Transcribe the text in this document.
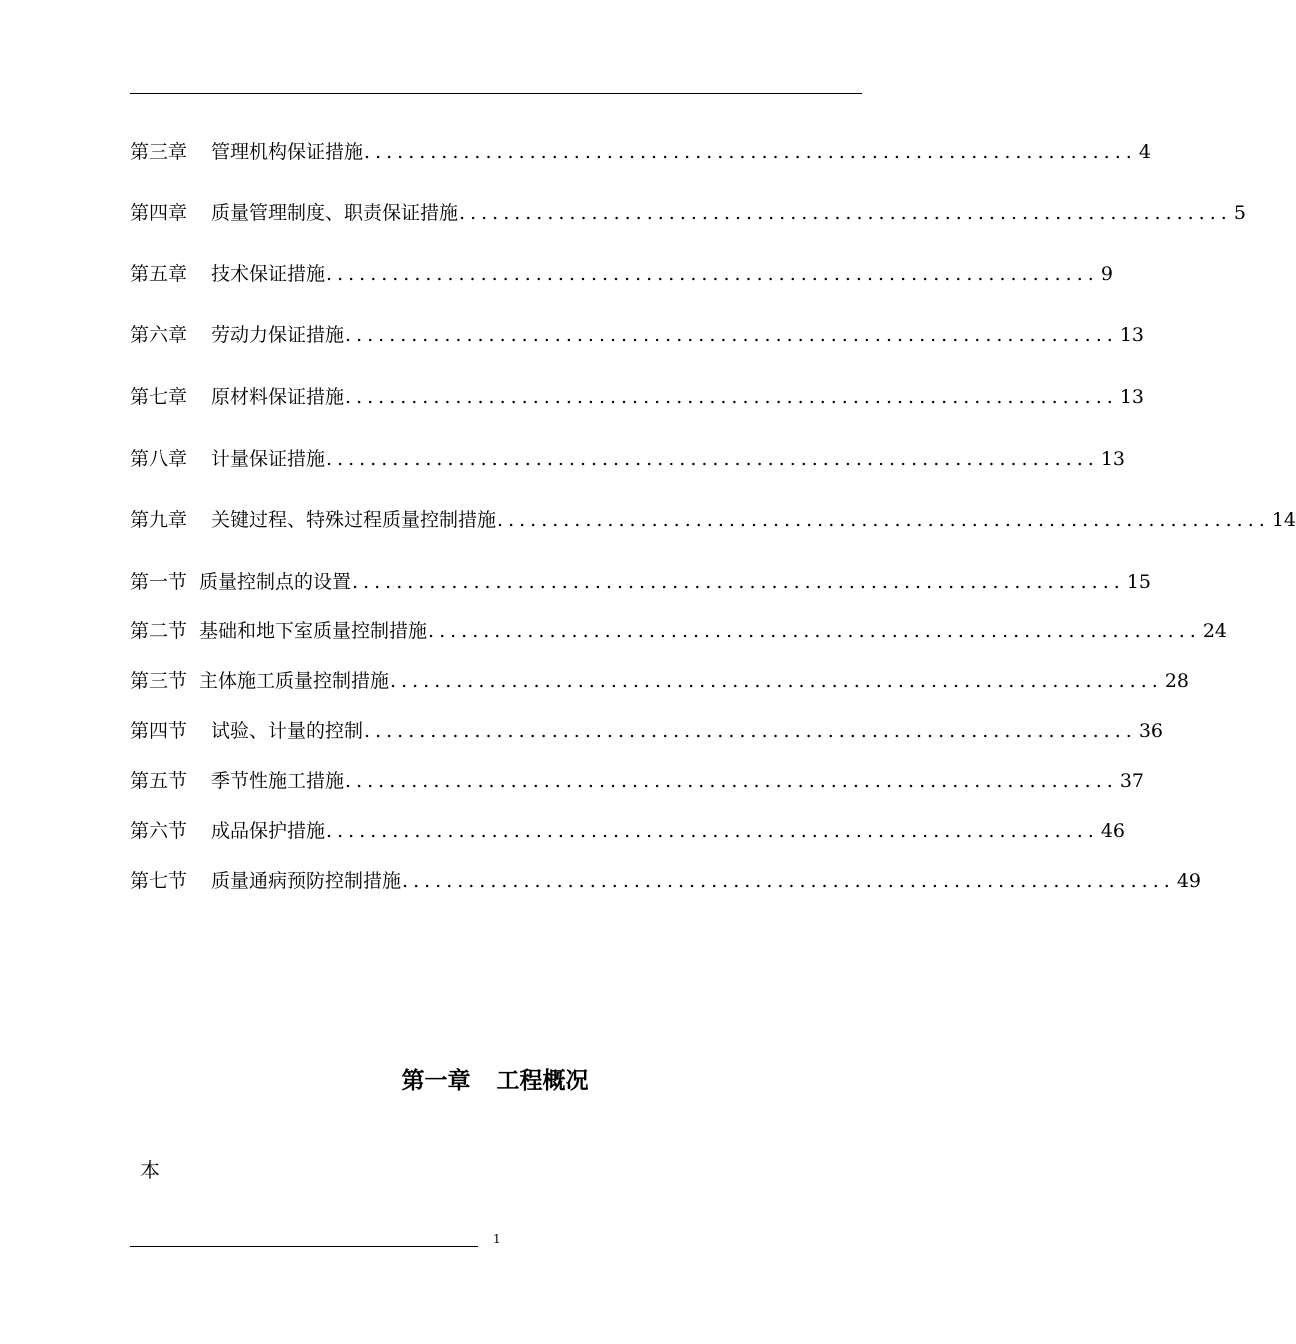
第三章 管理机构保证措施 ...................................................................... 4
第四章 质量管理制度、职责保证措施 ...................................................................... 5
第五章 技术保证措施 ...................................................................... 9
第六章 劳动力保证措施 ...................................................................... 13
第七章 原材料保证措施 ...................................................................... 13
第八章 计量保证措施 ...................................................................... 13
第九章 关键过程、特殊过程质量控制措施 ...................................................................... 14
第一节 质量控制点的设置 ...................................................................... 15
第二节 基础和地下室质量控制措施 ...................................................................... 24
第三节 主体施工质量控制措施 ...................................................................... 28
第四节 试验、计量的控制 ...................................................................... 36
第五节 季节性施工措施 ...................................................................... 37
第六节 成品保护措施 ...................................................................... 46
第七节 质量通病预防控制措施 ...................................................................... 49
第一章 工程概况
本
1
